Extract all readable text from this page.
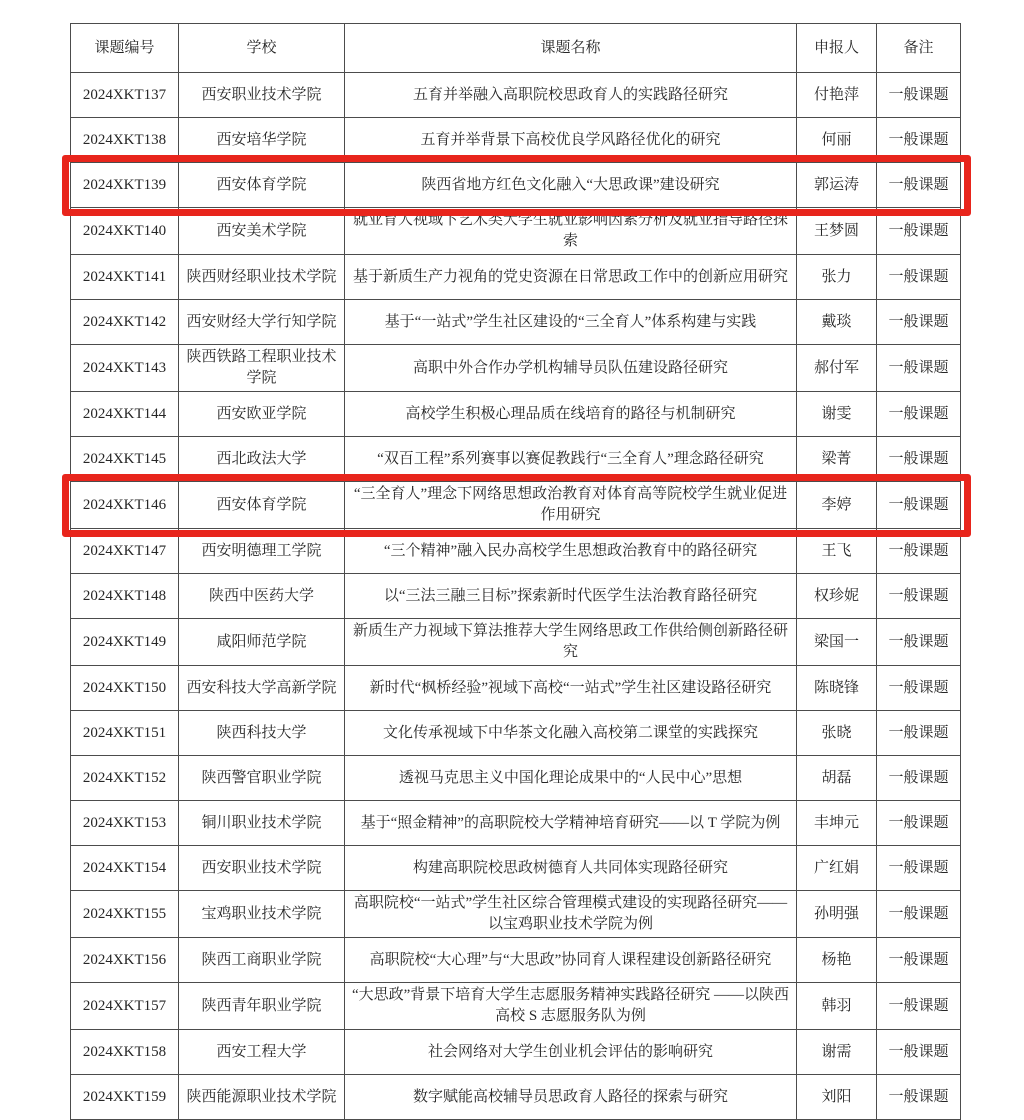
课题编号	学校	课题名称	申报人	备注
2024XKT137	西安职业技术学院	五育并举融入高职院校思政育人的实践路径研究	付艳萍	一般课题
2024XKT138	西安培华学院	五育并举背景下高校优良学风路径优化的研究	何丽	一般课题
2024XKT139	西安体育学院	陕西省地方红色文化融入“大思政课”建设研究	郭运涛	一般课题
2024XKT140	西安美术学院	就业育人视域下艺术类大学生就业影响因素分析及就业指导路径探索	王梦圆	一般课题
2024XKT141	陕西财经职业技术学院	基于新质生产力视角的党史资源在日常思政工作中的创新应用研究	张力	一般课题
2024XKT142	西安财经大学行知学院	基于“一站式”学生社区建设的“三全育人”体系构建与实践	戴琰	一般课题
2024XKT143	陕西铁路工程职业技术学院	高职中外合作办学机构辅导员队伍建设路径研究	郝付军	一般课题
2024XKT144	西安欧亚学院	高校学生积极心理品质在线培育的路径与机制研究	谢雯	一般课题
2024XKT145	西北政法大学	“双百工程”系列赛事以赛促教践行“三全育人”理念路径研究	梁菁	一般课题
2024XKT146	西安体育学院	“三全育人”理念下网络思想政治教育对体育高等院校学生就业促进作用研究	李婷	一般课题
2024XKT147	西安明德理工学院	“三个精神”融入民办高校学生思想政治教育中的路径研究	王飞	一般课题
2024XKT148	陕西中医药大学	以“三法三融三目标”探索新时代医学生法治教育路径研究	权珍妮	一般课题
2024XKT149	咸阳师范学院	新质生产力视域下算法推荐大学生网络思政工作供给侧创新路径研究	梁国一	一般课题
2024XKT150	西安科技大学高新学院	新时代“枫桥经验”视域下高校“一站式”学生社区建设路径研究	陈晓锋	一般课题
2024XKT151	陕西科技大学	文化传承视域下中华茶文化融入高校第二课堂的实践探究	张晓	一般课题
2024XKT152	陕西警官职业学院	透视马克思主义中国化理论成果中的“人民中心”思想	胡磊	一般课题
2024XKT153	铜川职业技术学院	基于“照金精神”的高职院校大学精神培育研究——以 T 学院为例	丰坤元	一般课题
2024XKT154	西安职业技术学院	构建高职院校思政树德育人共同体实现路径研究	广红娟	一般课题
2024XKT155	宝鸡职业技术学院	高职院校“一站式”学生社区综合管理模式建设的实现路径研究——以宝鸡职业技术学院为例	孙明强	一般课题
2024XKT156	陕西工商职业学院	高职院校“大心理”与“大思政”协同育人课程建设创新路径研究	杨艳	一般课题
2024XKT157	陕西青年职业学院	“大思政”背景下培育大学生志愿服务精神实践路径研究 ——以陕西高校 S 志愿服务队为例	韩羽	一般课题
2024XKT158	西安工程大学	社会网络对大学生创业机会评估的影响研究	谢需	一般课题
2024XKT159	陕西能源职业技术学院	数字赋能高校辅导员思政育人路径的探索与研究	刘阳	一般课题
